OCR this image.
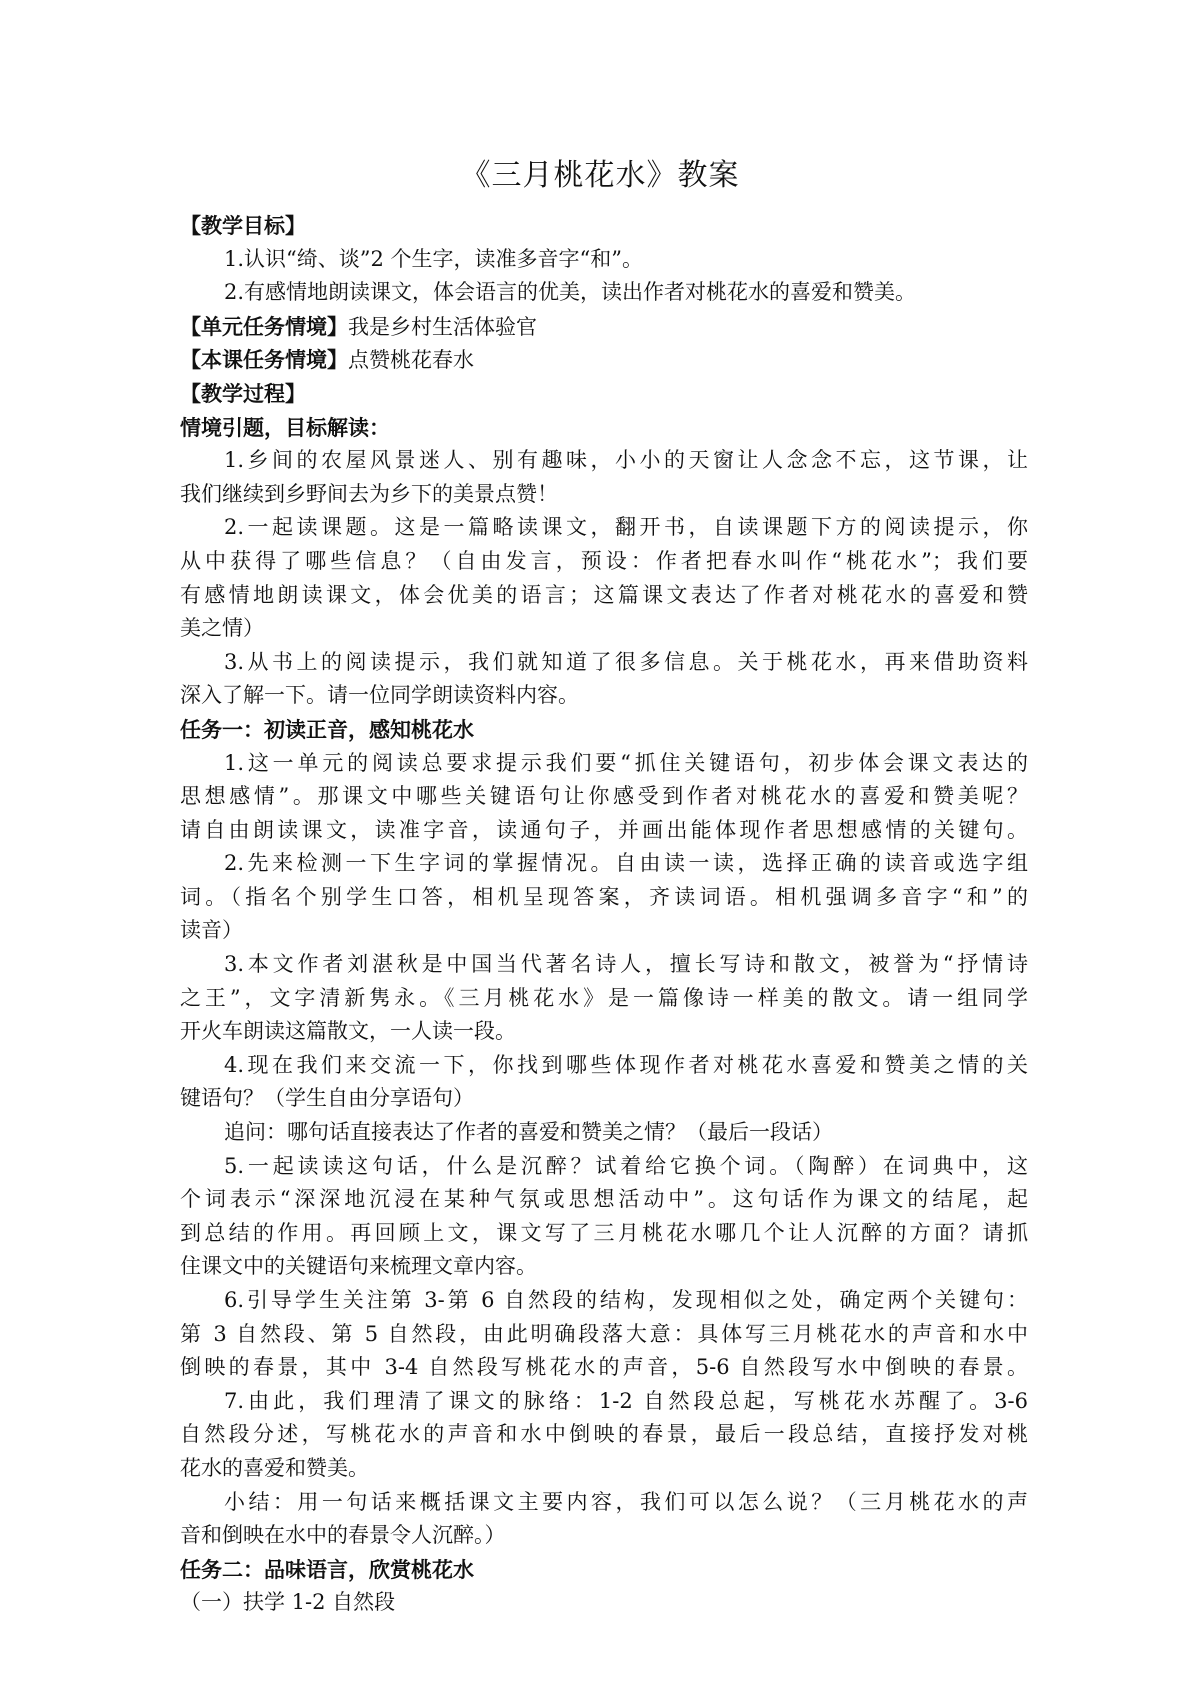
《三月桃花水》教案
【教学目标】
1.认识“绮、谈”2 个生字，读准多音字“和”。
2.有感情地朗读课文，体会语言的优美，读出作者对桃花水的喜爱和赞美。
【单元任务情境】我是乡村生活体验官
【本课任务情境】点赞桃花春水
【教学过程】
情境引题，目标解读：
1.乡间的农屋风景迷人、别有趣味，小小的天窗让人念念不忘，这节课，让
我们继续到乡野间去为乡下的美景点赞！
2.一起读课题。这是一篇略读课文，翻开书，自读课题下方的阅读提示，你
从中获得了哪些信息？（自由发言，预设：作者把春水叫作“桃花水”；我们要
有感情地朗读课文，体会优美的语言；这篇课文表达了作者对桃花水的喜爱和赞
美之情）
3.从书上的阅读提示，我们就知道了很多信息。关于桃花水，再来借助资料
深入了解一下。请一位同学朗读资料内容。
任务一：初读正音，感知桃花水
1.这一单元的阅读总要求提示我们要“抓住关键语句，初步体会课文表达的
思想感情”。那课文中哪些关键语句让你感受到作者对桃花水的喜爱和赞美呢？
请自由朗读课文，读准字音，读通句子，并画出能体现作者思想感情的关键句。
2.先来检测一下生字词的掌握情况。自由读一读，选择正确的读音或选字组
词。（指名个别学生口答，相机呈现答案，齐读词语。相机强调多音字“和”的
读音）
3.本文作者刘湛秋是中国当代著名诗人，擅长写诗和散文，被誉为“抒情诗
之王”，文字清新隽永。《三月桃花水》是一篇像诗一样美的散文。请一组同学
开火车朗读这篇散文，一人读一段。
4.现在我们来交流一下，你找到哪些体现作者对桃花水喜爱和赞美之情的关
键语句？（学生自由分享语句）
追问：哪句话直接表达了作者的喜爱和赞美之情？（最后一段话）
5.一起读读这句话，什么是沉醉？试着给它换个词。（陶醉）在词典中，这
个词表示“深深地沉浸在某种气氛或思想活动中”。这句话作为课文的结尾，起
到总结的作用。再回顾上文，课文写了三月桃花水哪几个让人沉醉的方面？请抓
住课文中的关键语句来梳理文章内容。
6.引导学生关注第 3-第 6 自然段的结构，发现相似之处，确定两个关键句：
第 3 自然段、第 5 自然段，由此明确段落大意：具体写三月桃花水的声音和水中
倒映的春景，其中 3-4 自然段写桃花水的声音，5-6 自然段写水中倒映的春景。
7.由此，我们理清了课文的脉络：1-2 自然段总起，写桃花水苏醒了。3-6
自然段分述，写桃花水的声音和水中倒映的春景，最后一段总结，直接抒发对桃
花水的喜爱和赞美。
小结：用一句话来概括课文主要内容，我们可以怎么说？（三月桃花水的声
音和倒映在水中的春景令人沉醉。）
任务二：品味语言，欣赏桃花水
（一）扶学 1-2 自然段
